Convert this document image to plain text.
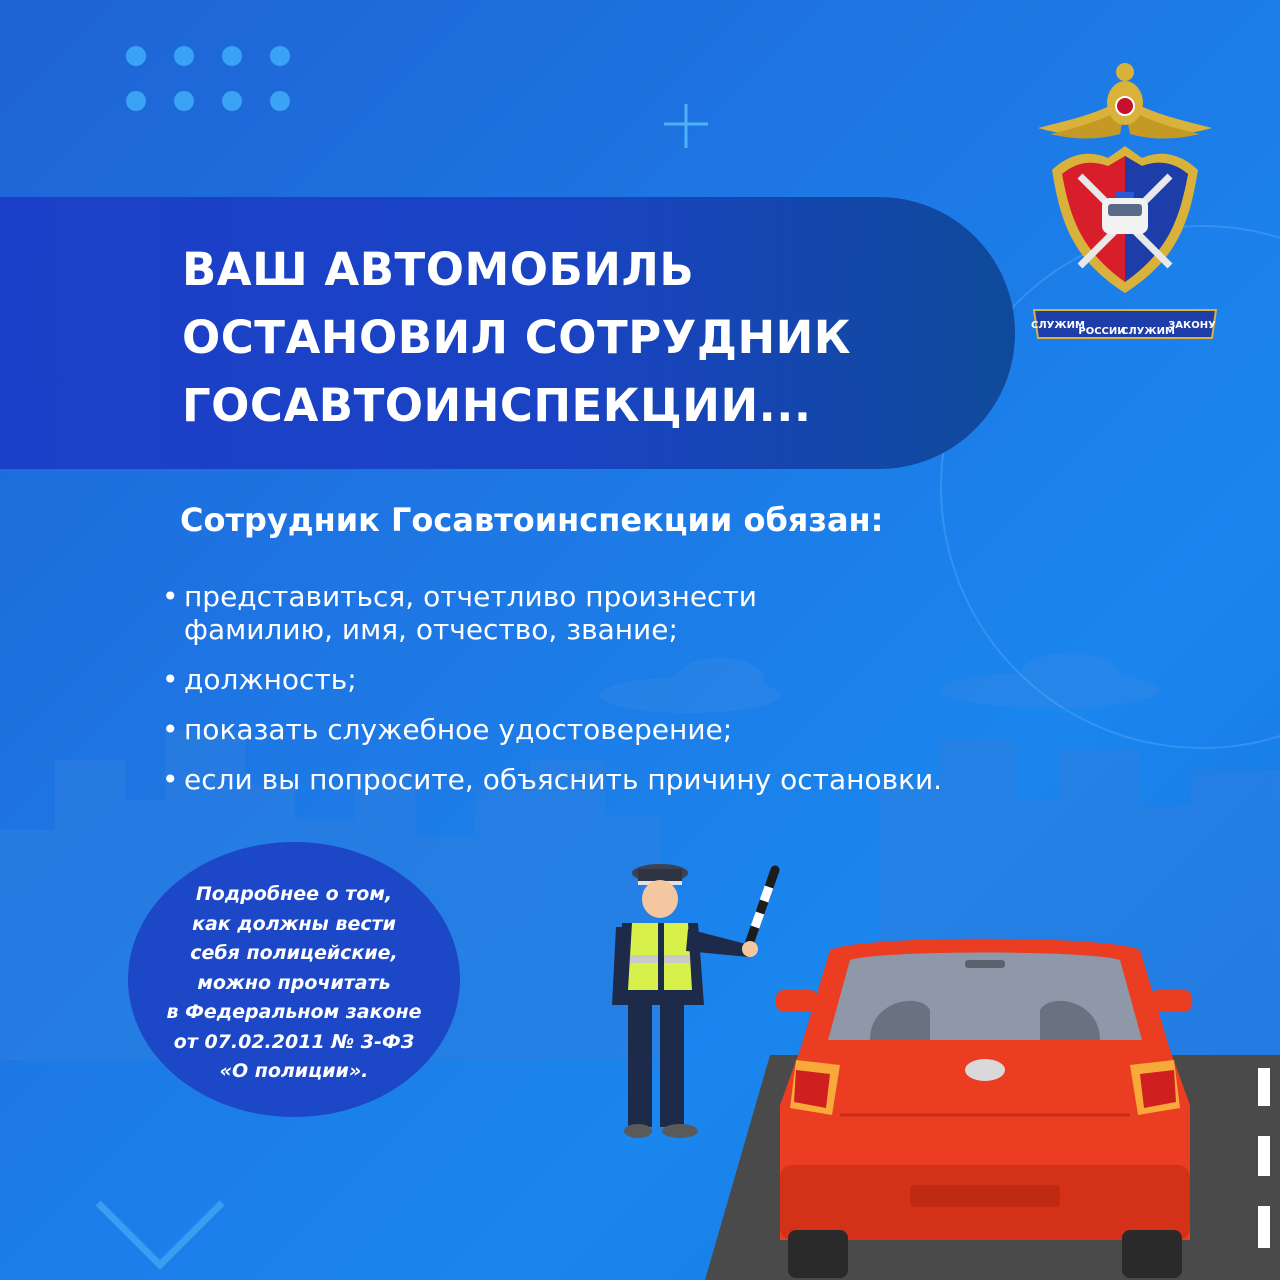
ВАШ АВТОМОБИЛЬ
ОСТАНОВИЛ СОТРУДНИК
ГОСАВТОИНСПЕКЦИИ...
СЛУЖИМ
РОССИИ
СЛУЖИМ
ЗАКОНУ
Сотрудник Госавтоинспекции обязан:
• представиться, отчетливо произнести
фамилию, имя, отчество, звание;
• должность;
• показать служебное удостоверение;
• если вы попросите, объяснить причину остановки.
Подробнее о том,
как должны вести
себя полицейские,
можно прочитать
в Федеральном законе
от 07.02.2011 № 3-ФЗ
«О полиции».
